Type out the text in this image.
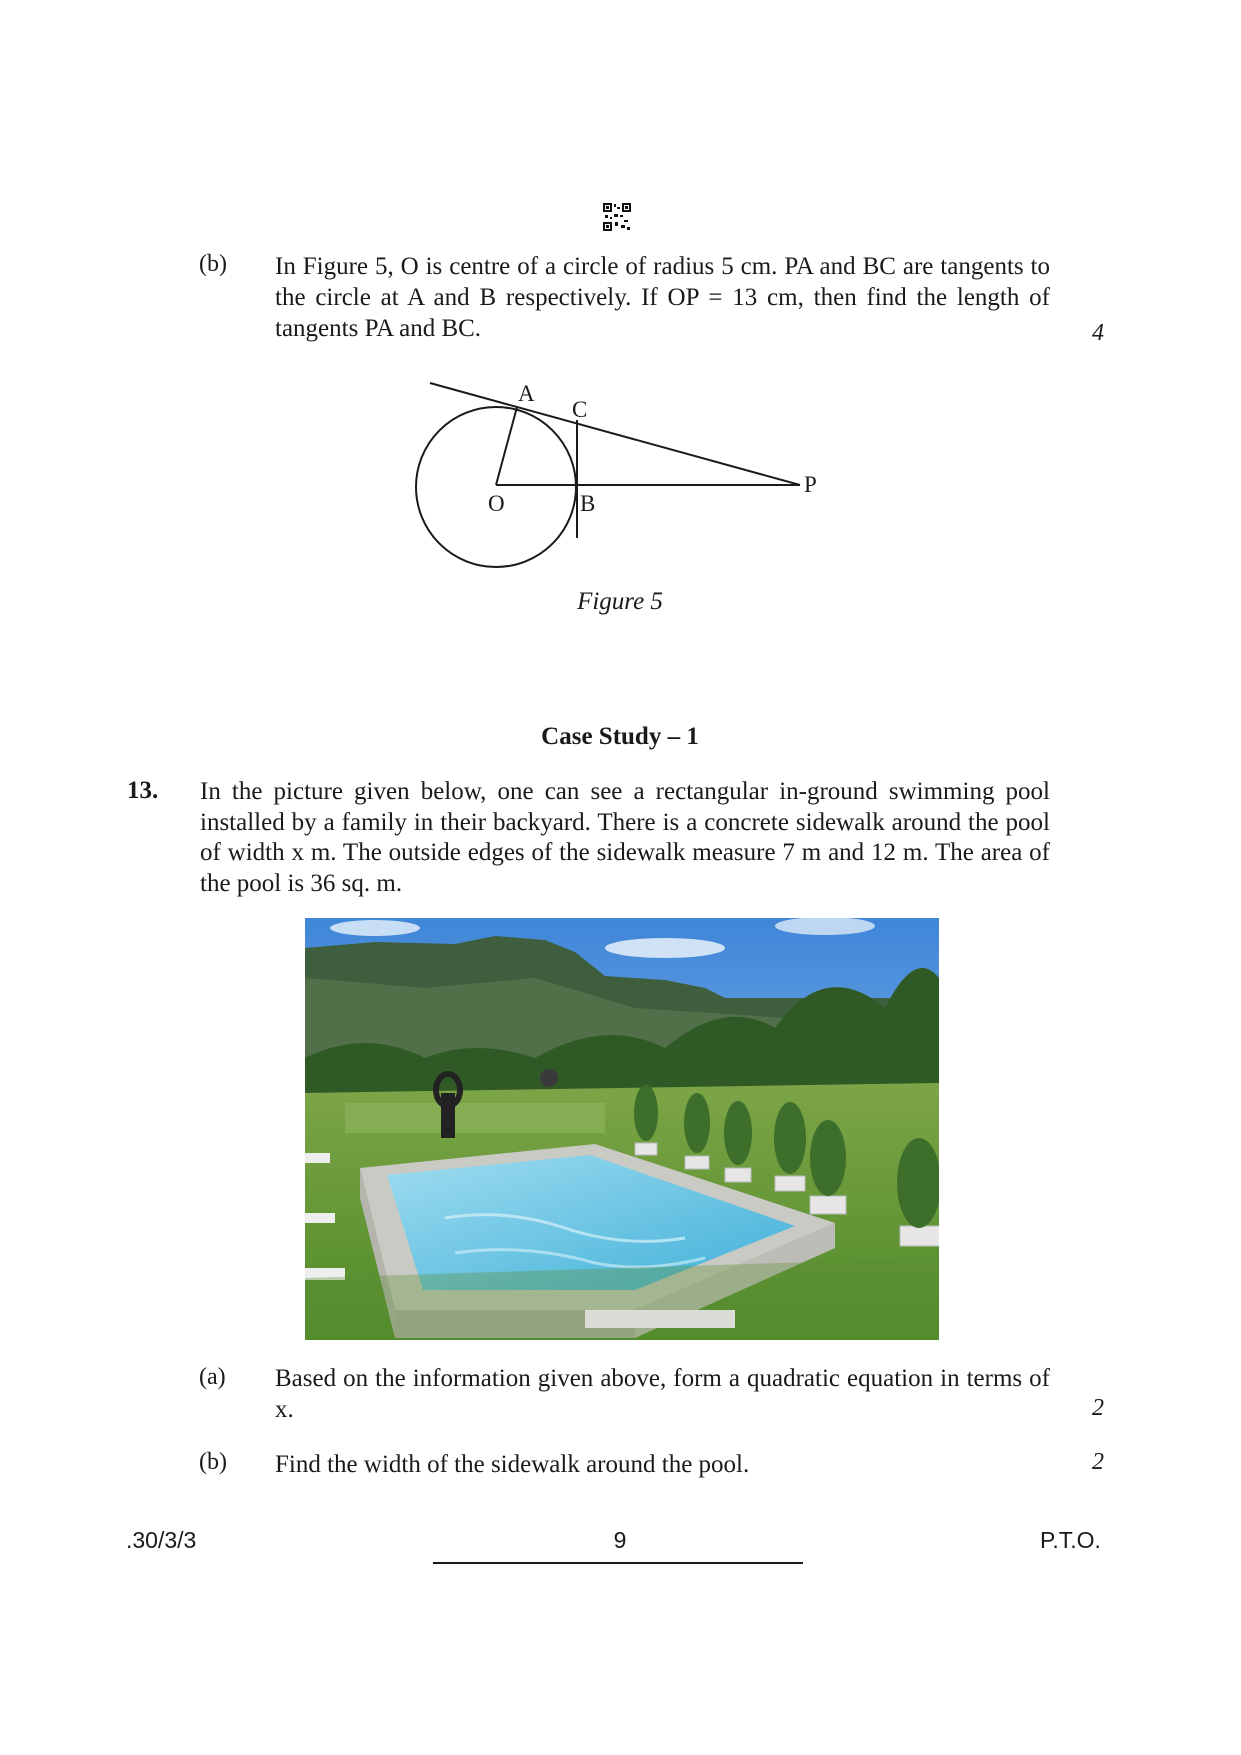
(b) In Figure 5, O is centre of a circle of radius 5 cm. PA and BC are tangents to the circle at A and B respectively. If OP = 13 cm, then find the length of tangents PA and BC.	4
A
C
O	B
P
Figure 5
Case Study – 1
13. In the picture given below, one can see a rectangular in-ground swimming pool installed by a family in their backyard. There is a concrete sidewalk around the pool of width x m. The outside edges of the sidewalk measure 7 m and 12 m. The area of the pool is 36 sq. m.
(a) Based on the information given above, form a quadratic equation in terms of x.	2
(b) Find the width of the sidewalk around the pool.	2
.30/3/3	9	P.T.O.
